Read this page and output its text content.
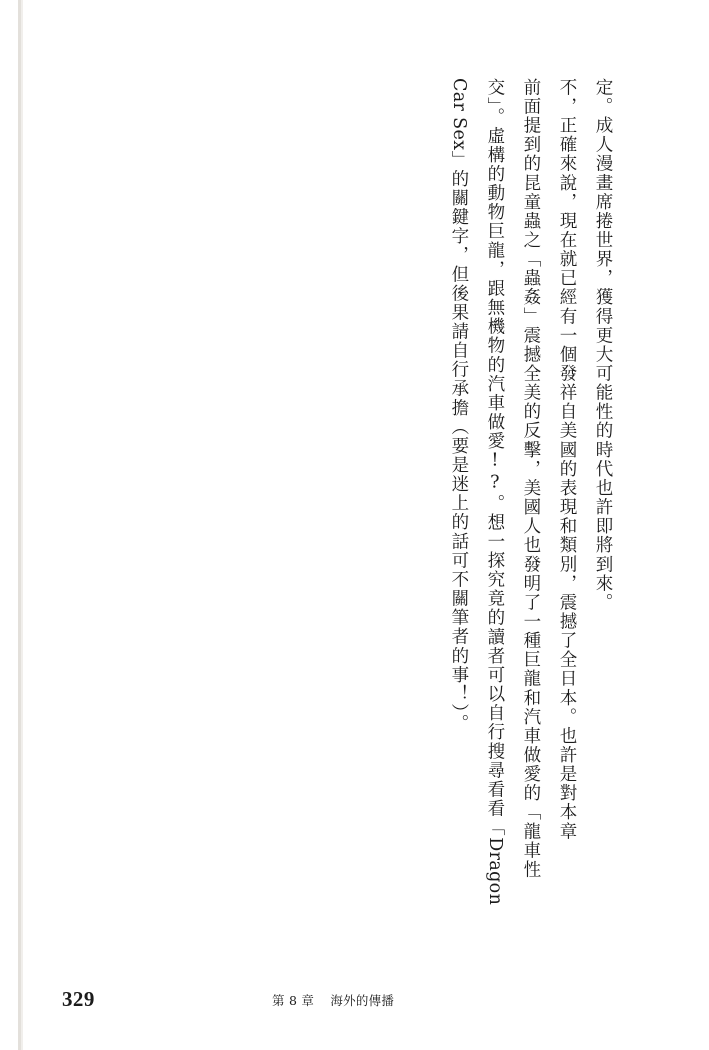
定。成人漫畫席捲世界，獲得更大可能性的時代也許即將到來。

不，正確來說，現在就已經有一個發祥自美國的表現和類別，震撼了全日本。也許是對本章

前面提到的昆童蟲之「蟲姦」震撼全美的反擊，美國人也發明了一種巨龍和汽車做愛的「龍車性

交」。虛構的動物巨龍，跟無機物的汽車做愛!?。想一探究竟的讀者可以自行搜尋看看「Dragon

Car Sex」的關鍵字，但後果請自行承擔（要是迷上的話可不關筆者的事！）。

329	第 8 章 海外的傳播
